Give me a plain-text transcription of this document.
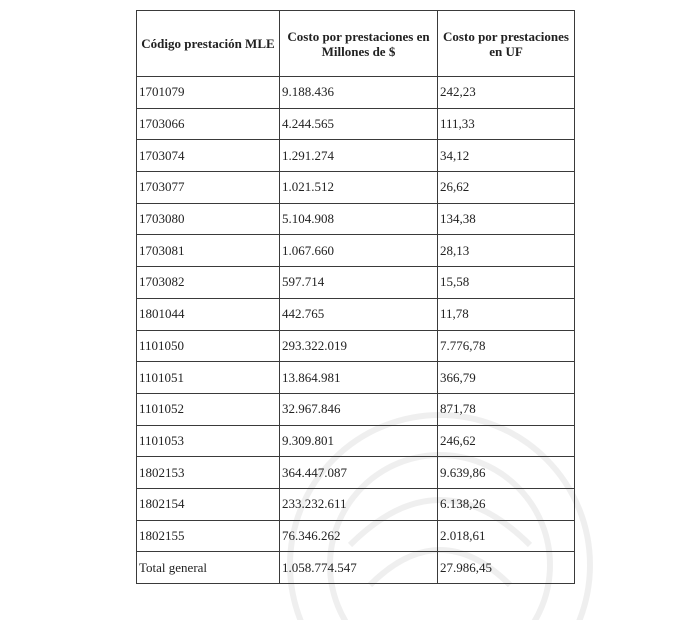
Código prestación MLE	Costo por prestaciones en Millones de $	Costo por prestaciones en UF
1701079	9.188.436	242,23
1703066	4.244.565	111,33
1703074	1.291.274	34,12
1703077	1.021.512	26,62
1703080	5.104.908	134,38
1703081	1.067.660	28,13
1703082	597.714	15,58
1801044	442.765	11,78
1101050	293.322.019	7.776,78
1101051	13.864.981	366,79
1101052	32.967.846	871,78
1101053	9.309.801	246,62
1802153	364.447.087	9.639,86
1802154	233.232.611	6.138,26
1802155	76.346.262	2.018,61
Total general	1.058.774.547	27.986,45
